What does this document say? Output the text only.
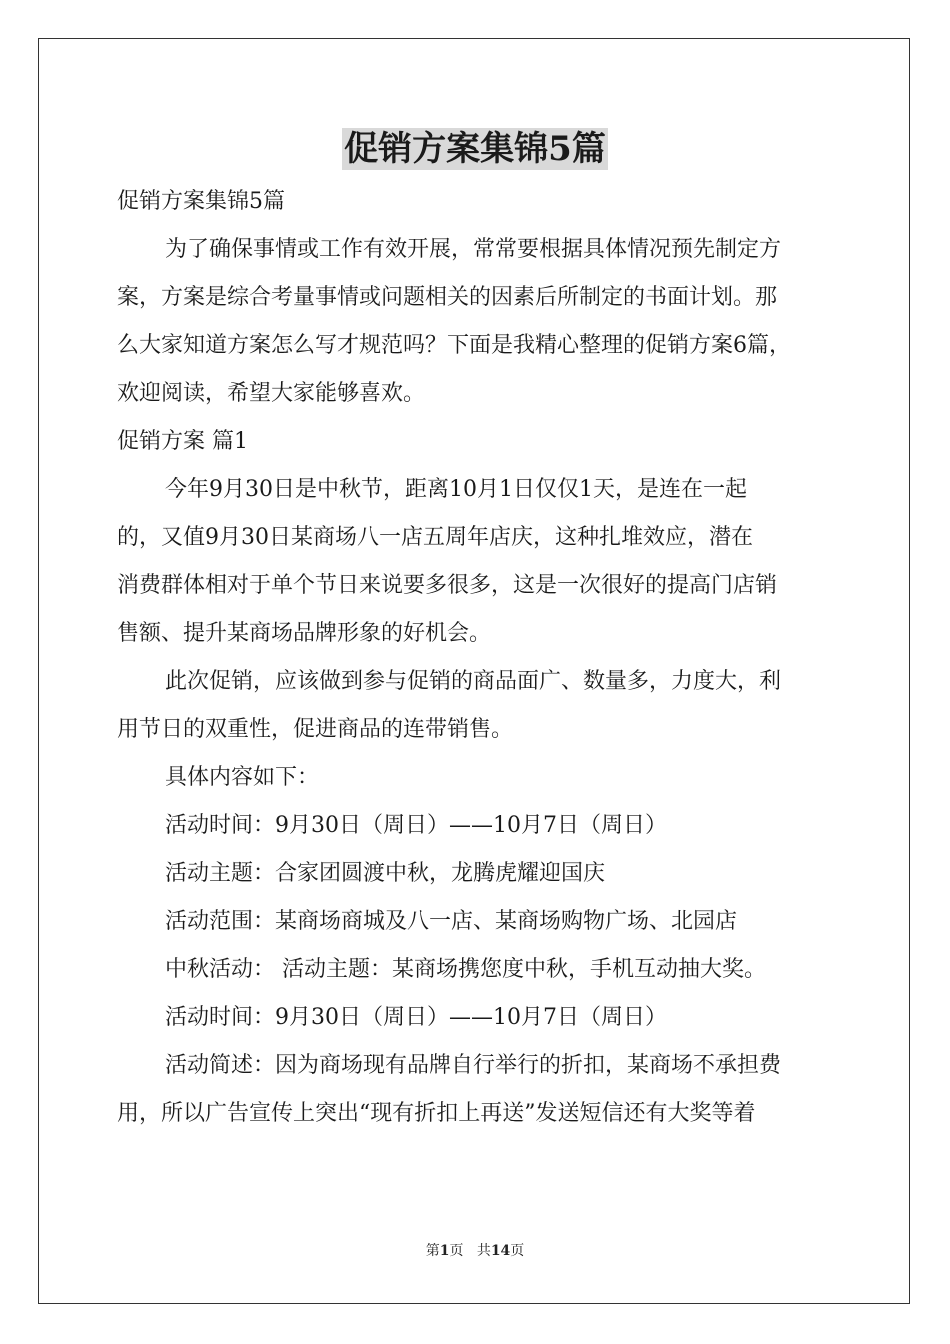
促销方案集锦5篇
促销方案集锦5篇
为了确保事情或工作有效开展，常常要根据具体情况预先制定方
案，方案是综合考量事情或问题相关的因素后所制定的书面计划。那
么大家知道方案怎么写才规范吗？下面是我精心整理的促销方案6篇，
欢迎阅读，希望大家能够喜欢。
促销方案 篇1
今年9月30日是中秋节，距离10月1日仅仅1天，是连在一起
的，又值9月30日某商场八一店五周年店庆，这种扎堆效应，潜在
消费群体相对于单个节日来说要多很多，这是一次很好的提高门店销
售额、提升某商场品牌形象的好机会。
此次促销，应该做到参与促销的商品面广、数量多，力度大，利
用节日的双重性，促进商品的连带销售。
具体内容如下：
活动时间：9月30日（周日）——10月7日（周日）
活动主题：合家团圆渡中秋，龙腾虎耀迎国庆
活动范围：某商场商城及八一店、某商场购物广场、北园店
中秋活动： 活动主题：某商场携您度中秋，手机互动抽大奖。
活动时间：9月30日（周日）——10月7日（周日）
活动简述：因为商场现有品牌自行举行的折扣，某商场不承担费
用，所以广告宣传上突出“现有折扣上再送”发送短信还有大奖等着
第1页 共14页
